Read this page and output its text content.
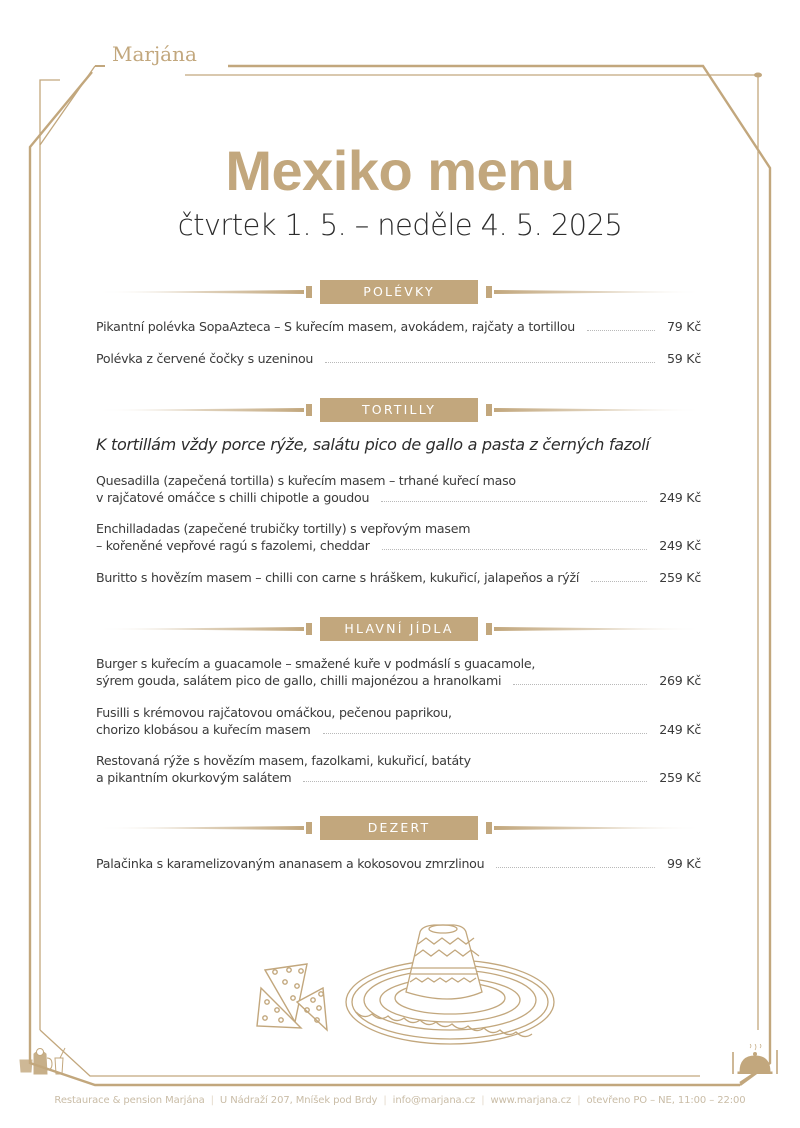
Marjána
Mexiko menu
čtvrtek 1. 5. – neděle 4. 5. 2025
POLÉVKY
Pikantní polévka SopaAzteca – S kuřecím masem, avokádem, rajčaty a tortillou	79 Kč
Polévka z červené čočky s uzeninou	59 Kč
TORTILLY
K tortillám vždy porce rýže, salátu pico de gallo a pasta z černých fazolí
Quesadilla (zapečená tortilla) s kuřecím masem – trhané kuřecí maso
v rajčatové omáčce s chilli chipotle a goudou	249 Kč
Enchilladadas (zapečené trubičky tortilly) s vepřovým masem
– kořeněné vepřové ragú s fazolemi, cheddar	249 Kč
Buritto s hovězím masem – chilli con carne s hráškem, kukuřicí, jalapeňos a rýží	259 Kč
HLAVNÍ JÍDLA
Burger s kuřecím a guacamole – smažené kuře v podmáslí s guacamole,
sýrem gouda, salátem pico de gallo, chilli majonézou a hranolkami	269 Kč
Fusilli s krémovou rajčatovou omáčkou, pečenou paprikou,
chorizo klobásou a kuřecím masem	249 Kč
Restovaná rýže s hovězím masem, fazolkami, kukuřicí, batáty
a pikantním okurkovým salátem	259 Kč
DEZERT
Palačinka s karamelizovaným ananasem a kokosovou zmrzlinou	99 Kč
Restaurace & pension Marjána | U Nádraží 207, Mníšek pod Brdy | info@marjana.cz | www.marjana.cz | otevřeno PO – NE, 11:00 – 22:00
